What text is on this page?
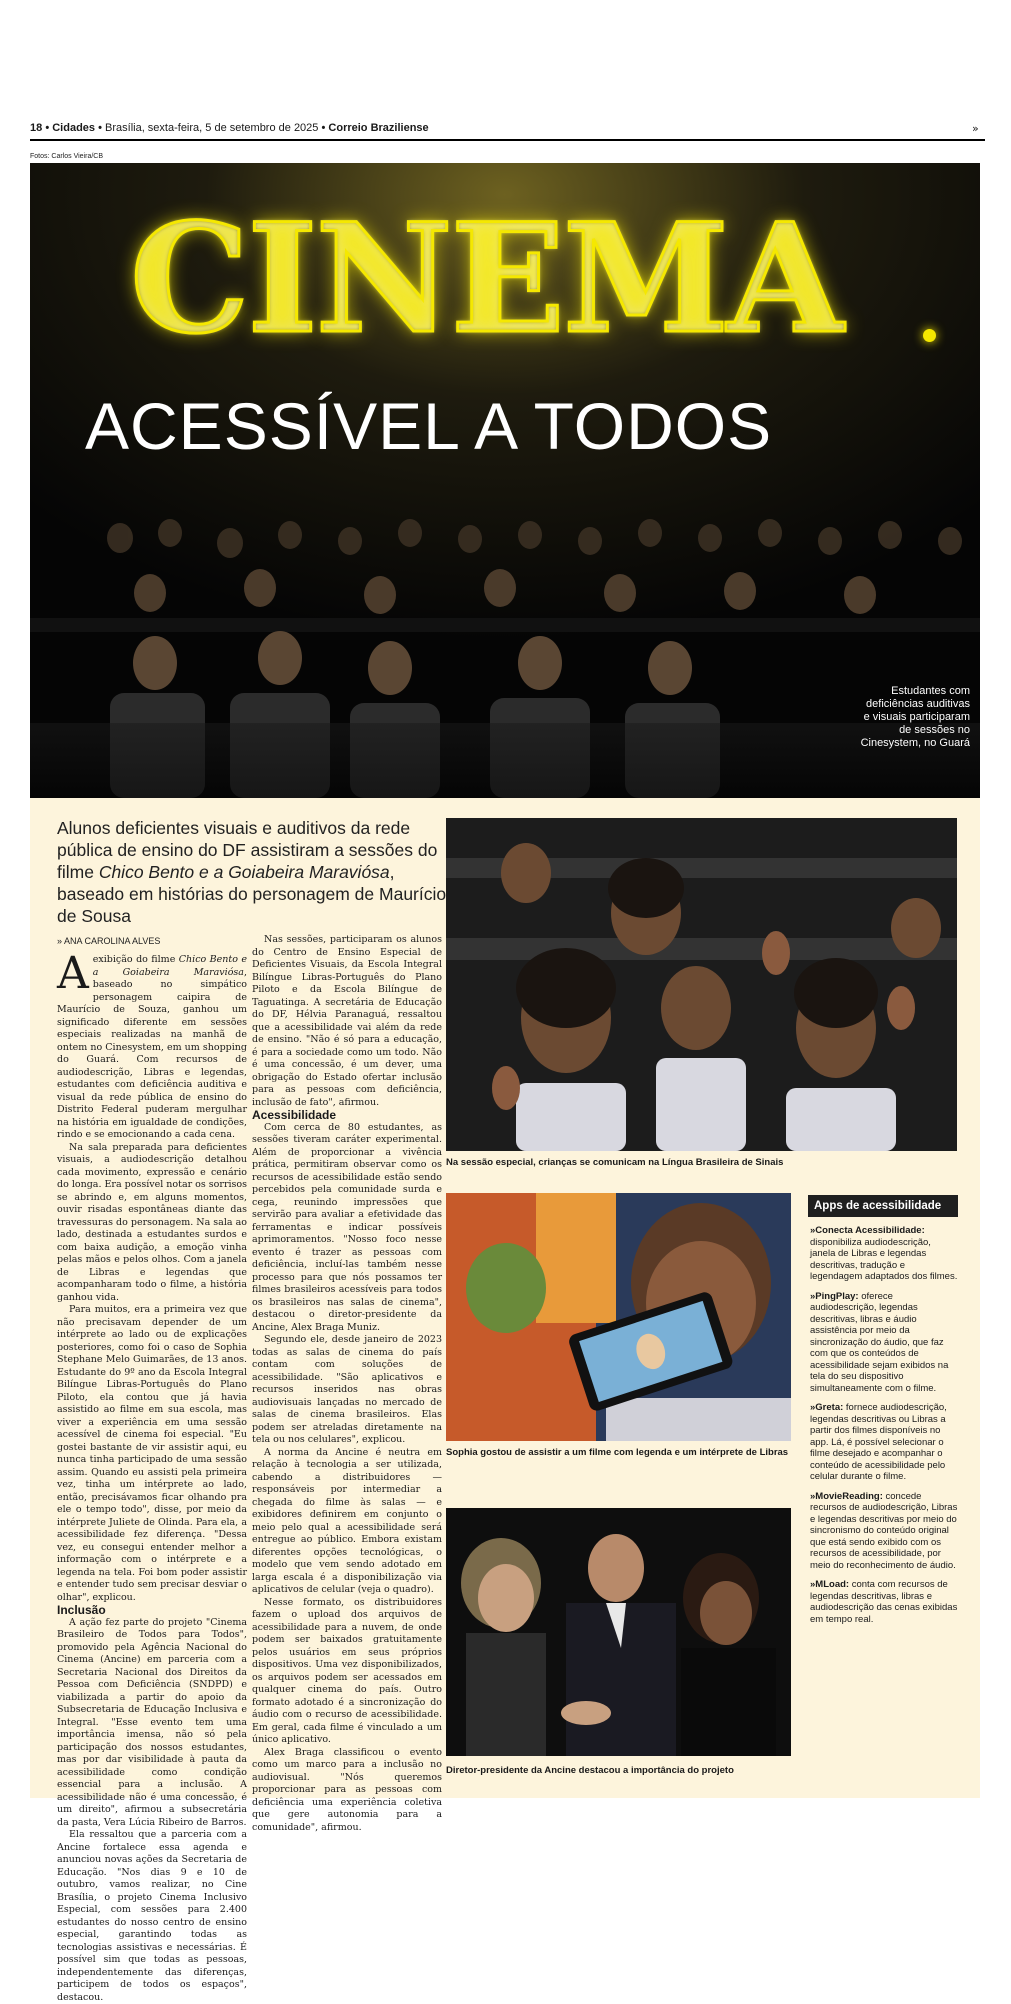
18 • Cidades • Brasília, sexta-feira, 5 de setembro de 2025 • Correio Braziliense	»
Fotos: Carlos Vieira/CB
CINEMA
ACESSÍVEL A TODOS
Estudantes com deficiências auditivas e visuais participaram de sessões no Cinesystem, no Guará
Alunos deficientes visuais e auditivos da rede pública de ensino do DF assistiram a sessões do filme Chico Bento e a Goiabeira Maraviósa, baseado em histórias do personagem de Maurício de Sousa
» ANA CAROLINA ALVES

A exibição do filme Chico Bento e a Goiabeira Maraviósa, baseado no simpático personagem caipira de Maurício de Souza, ganhou um significado diferente em sessões especiais realizadas na manhã de ontem no Cinesystem, em um shopping do Guará. Com recursos de audiodescrição, Libras e legendas, estudantes com deficiência auditiva e visual da rede pública de ensino do Distrito Federal puderam mergulhar na história em igualdade de condições, rindo e se emocionando a cada cena.

Na sala preparada para deficientes visuais, a audiodescrição detalhou cada movimento, expressão e cenário do longa. Era possível notar os sorrisos se abrindo e, em alguns momentos, ouvir risadas espontâneas diante das travessuras do personagem. Na sala ao lado, destinada a estudantes surdos e com baixa audição, a emoção vinha pelas mãos e pelos olhos. Com a janela de Libras e legendas que acompanharam todo o filme, a história ganhou vida.

Para muitos, era a primeira vez que não precisavam depender de um intérprete ao lado ou de explicações posteriores, como foi o caso de Sophia Stephane Melo Guimarães, de 13 anos. Estudante do 9º ano da Escola Integral Bilíngue Libras-Português do Plano Piloto, ela contou que já havia assistido ao filme em sua escola, mas viver a experiência em uma sessão acessível de cinema foi especial. "Eu gostei bastante de vir assistir aqui, eu nunca tinha participado de uma sessão assim. Quando eu assisti pela primeira vez, tinha um intérprete ao lado, então, precisávamos ficar olhando pra ele o tempo todo", disse, por meio da intérprete Juliete de Olinda. Para ela, a acessibilidade fez diferença. "Dessa vez, eu consegui entender melhor a informação com o intérprete e a legenda na tela. Foi bom poder assistir e entender tudo sem precisar desviar o olhar", explicou.

Inclusão

A ação fez parte do projeto "Cinema Brasileiro de Todos para Todos", promovido pela Agência Nacional do Cinema (Ancine) em parceria com a Secretaria Nacional dos Direitos da Pessoa com Deficiência (SNDPD) e viabilizada a partir do apoio da Subsecretaria de Educação Inclusiva e Integral. "Esse evento tem uma importância imensa, não só pela participação dos nossos estudantes, mas por dar visibilidade à pauta da acessibilidade como condição essencial para a inclusão. A acessibilidade não é uma concessão, é um direito", afirmou a subsecretária da pasta, Vera Lúcia Ribeiro de Barros.

Ela ressaltou que a parceria com a Ancine fortalece essa agenda e anunciou novas ações da Secretaria de Educação. "Nos dias 9 e 10 de outubro, vamos realizar, no Cine Brasília, o projeto Cinema Inclusivo Especial, com sessões para 2.400 estudantes do nosso centro de ensino especial, garantindo todas as tecnologias assistivas e necessárias. É possível sim que todas as pessoas, independentemente das diferenças, participem de todos os espaços", destacou.

Nas sessões, participaram os alunos do Centro de Ensino Especial de Deficientes Visuais, da Escola Integral Bilíngue Libras-Português do Plano Piloto e da Escola Bilíngue de Taguatinga. A secretária de Educação do DF, Hélvia Paranaguá, ressaltou que a acessibilidade vai além da rede de ensino. "Não é só para a educação, é para a sociedade como um todo. Não é uma concessão, é um dever, uma obrigação do Estado ofertar inclusão para as pessoas com deficiência, inclusão de fato", afirmou.

Acessibilidade

Com cerca de 80 estudantes, as sessões tiveram caráter experimental. Além de proporcionar a vivência prática, permitiram observar como os recursos de acessibilidade estão sendo percebidos pela comunidade surda e cega, reunindo impressões que servirão para avaliar a efetividade das ferramentas e indicar possíveis aprimoramentos. "Nosso foco nesse evento é trazer as pessoas com deficiência, incluí-las também nesse processo para que nós possamos ter filmes brasileiros acessíveis para todos os brasileiros nas salas de cinema", destacou o diretor-presidente da Ancine, Alex Braga Muniz.

Segundo ele, desde janeiro de 2023 todas as salas de cinema do país contam com soluções de acessibilidade. "São aplicativos e recursos inseridos nas obras audiovisuais lançadas no mercado de salas de cinema brasileiros. Elas podem ser atreladas diretamente na tela ou nos celulares", explicou.

A norma da Ancine é neutra em relação à tecnologia a ser utilizada, cabendo a distribuidores — responsáveis por intermediar a chegada do filme às salas — e exibidores definirem em conjunto o meio pelo qual a acessibilidade será entregue ao público. Embora existam diferentes opções tecnológicas, o modelo que vem sendo adotado em larga escala é a disponibilização via aplicativos de celular (veja o quadro).

Nesse formato, os distribuidores fazem o upload dos arquivos de acessibilidade para a nuvem, de onde podem ser baixados gratuitamente pelos usuários em seus próprios dispositivos. Uma vez disponibilizados, os arquivos podem ser acessados em qualquer cinema do país. Outro formato adotado é a sincronização do áudio com o recurso de acessibilidade. Em geral, cada filme é vinculado a um único aplicativo.

Alex Braga classificou o evento como um marco para a inclusão no audiovisual. "Nós queremos proporcionar para as pessoas com deficiência uma experiência coletiva que gere autonomia para a comunidade", afirmou.

Na sessão especial, crianças se comunicam na Língua Brasileira de Sinais
Sophia gostou de assistir a um filme com legenda e um intérprete de Libras
Diretor-presidente da Ancine destacou a importância do projeto
Apps de acessibilidade
»Conecta Acessibilidade: disponibiliza audiodescrição, janela de Libras e legendas descritivas, tradução e legendagem adaptados dos filmes.
»PingPlay: oferece audiodescrição, legendas descritivas, libras e áudio assistência por meio da sincronização do áudio, que faz com que os conteúdos de acessibilidade sejam exibidos na tela do seu dispositivo simultaneamente com o filme.
»Greta: fornece audiodescrição, legendas descritivas ou Libras a partir dos filmes disponíveis no app. Lá, é possível selecionar o filme desejado e acompanhar o conteúdo de acessibilidade pelo celular durante o filme.
»MovieReading: concede recursos de audiodescrição, Libras e legendas descritivas por meio do sincronismo do conteúdo original que está sendo exibido com os recursos de acessibilidade, por meio do reconhecimento de áudio.
»MLoad: conta com recursos de legendas descritivas, libras e audiodescrição das cenas exibidas em tempo real.
